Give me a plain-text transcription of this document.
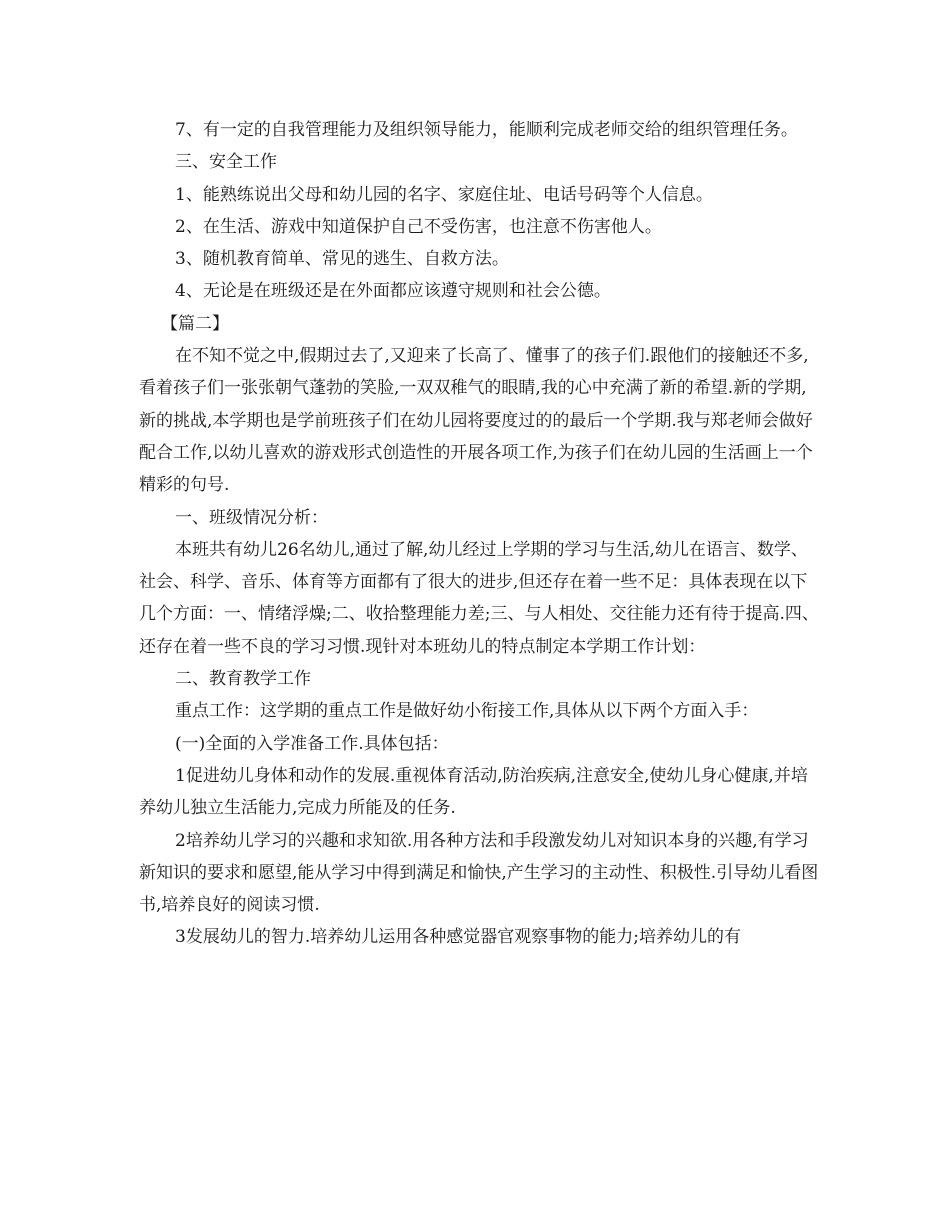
7、有一定的自我管理能力及组织领导能力，能顺利完成老师交给的组织管理任务。

三、安全工作

1、能熟练说出父母和幼儿园的名字、家庭住址、电话号码等个人信息。

2、在生活、游戏中知道保护自己不受伤害，也注意不伤害他人。

3、随机教育简单、常见的逃生、自救方法。

4、无论是在班级还是在外面都应该遵守规则和社会公德。

【篇二】

在不知不觉之中,假期过去了,又迎来了长高了、懂事了的孩子们.跟他们的接触还不多,看着孩子们一张张朝气蓬勃的笑脸,一双双稚气的眼睛,我的心中充满了新的希望.新的学期,新的挑战,本学期也是学前班孩子们在幼儿园将要度过的的最后一个学期.我与郑老师会做好配合工作,以幼儿喜欢的游戏形式创造性的开展各项工作,为孩子们在幼儿园的生活画上一个精彩的句号.

一、班级情况分析：

本班共有幼儿26名幼儿,通过了解,幼儿经过上学期的学习与生活,幼儿在语言、数学、社会、科学、音乐、体育等方面都有了很大的进步,但还存在着一些不足：具体表现在以下几个方面：一、情绪浮燥;二、收拾整理能力差;三、与人相处、交往能力还有待于提高.四、还存在着一些不良的学习习惯.现针对本班幼儿的特点制定本学期工作计划：

二、教育教学工作

重点工作：这学期的重点工作是做好幼小衔接工作,具体从以下两个方面入手：

(一)全面的入学准备工作.具体包括：

1促进幼儿身体和动作的发展.重视体育活动,防治疾病,注意安全,使幼儿身心健康,并培养幼儿独立生活能力,完成力所能及的任务.

2培养幼儿学习的兴趣和求知欲.用各种方法和手段激发幼儿对知识本身的兴趣,有学习新知识的要求和愿望,能从学习中得到满足和愉快,产生学习的主动性、积极性.引导幼儿看图书,培养良好的阅读习惯.

3发展幼儿的智力.培养幼儿运用各种感觉器官观察事物的能力;培养幼儿的有
